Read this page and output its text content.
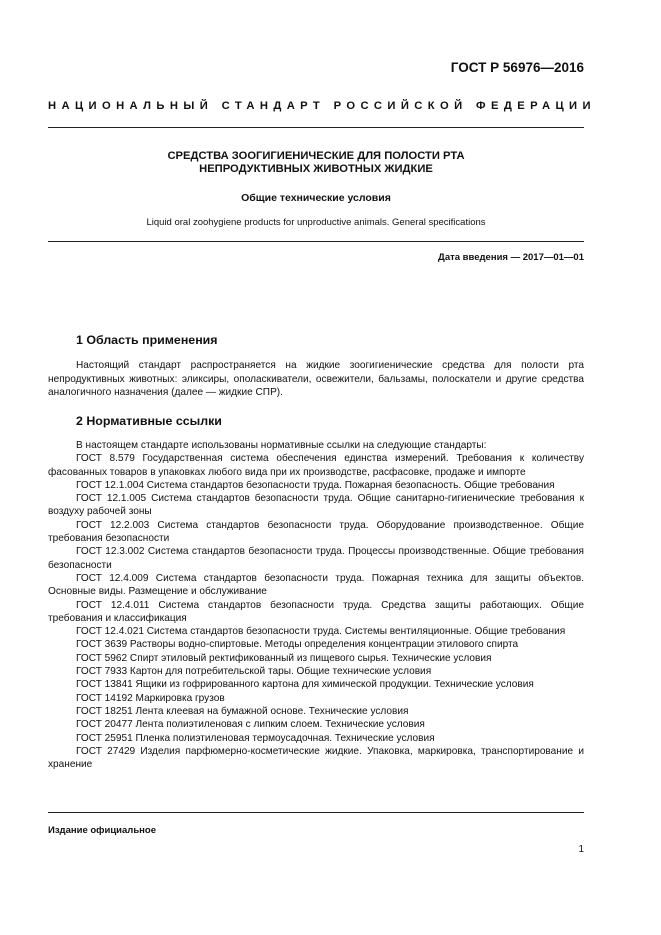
ГОСТ Р 56976—2016
НАЦИОНАЛЬНЫЙ СТАНДАРТ РОССИЙСКОЙ ФЕДЕРАЦИИ
СРЕДСТВА ЗООГИГИЕНИЧЕСКИЕ ДЛЯ ПОЛОСТИ РТА
НЕПРОДУКТИВНЫХ ЖИВОТНЫХ ЖИДКИЕ
Общие технические условия
Liquid oral zoohygiene products for unproductive animals. General specifications
Дата введения — 2017—01—01
1 Область применения
Настоящий стандарт распространяется на жидкие зоогигиенические средства для полости рта непродуктивных животных: эликсиры, ополаскиватели, освежители, бальзамы, полоскатели и другие средства аналогичного назначения (далее — жидкие СПР).
2 Нормативные ссылки
В настоящем стандарте использованы нормативные ссылки на следующие стандарты:
ГОСТ 8.579 Государственная система обеспечения единства измерений. Требования к количеству фасованных товаров в упаковках любого вида при их производстве, расфасовке, продаже и импорте
ГОСТ 12.1.004 Система стандартов безопасности труда. Пожарная безопасность. Общие требования
ГОСТ 12.1.005 Система стандартов безопасности труда. Общие санитарно-гигиенические требования к воздуху рабочей зоны
ГОСТ 12.2.003 Система стандартов безопасности труда. Оборудование производственное. Общие требования безопасности
ГОСТ 12.3.002 Система стандартов безопасности труда. Процессы производственные. Общие требования безопасности
ГОСТ 12.4.009 Система стандартов безопасности труда. Пожарная техника для защиты объектов. Основные виды. Размещение и обслуживание
ГОСТ 12.4.011 Система стандартов безопасности труда. Средства защиты работающих. Общие требования и классификация
ГОСТ 12.4.021 Система стандартов безопасности труда. Системы вентиляционные. Общие требования
ГОСТ 3639 Растворы водно-спиртовые. Методы определения концентрации этилового спирта
ГОСТ 5962 Спирт этиловый ректификованный из пищевого сырья. Технические условия
ГОСТ 7933 Картон для потребительской тары. Общие технические условия
ГОСТ 13841 Ящики из гофрированного картона для химической продукции. Технические условия
ГОСТ 14192 Маркировка грузов
ГОСТ 18251 Лента клеевая на бумажной основе. Технические условия
ГОСТ 20477 Лента полиэтиленовая с липким слоем. Технические условия
ГОСТ 25951 Пленка полиэтиленовая термоусадочная. Технические условия
ГОСТ 27429 Изделия парфюмерно-косметические жидкие. Упаковка, маркировка, транспортирование и хранение
Издание официальное
1
